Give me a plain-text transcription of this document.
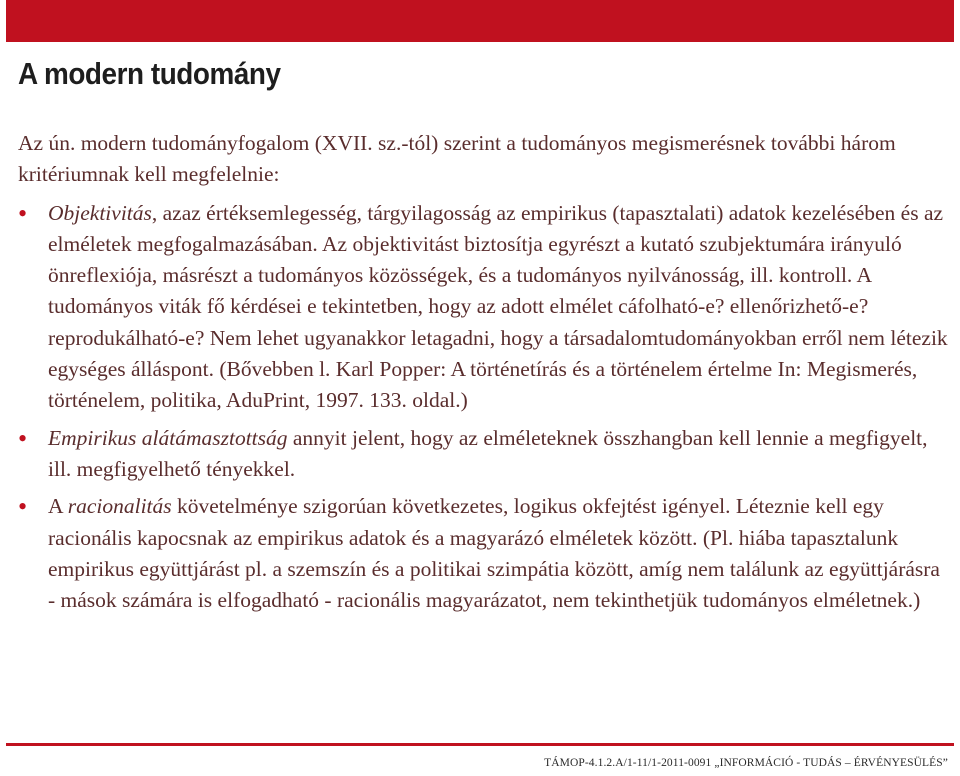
A modern tudomány

Az ún. modern tudományfogalom (XVII. sz.-tól) szerint a tudományos megismerésnek további három kritériumnak kell megfelelnie:

• Objektivitás, azaz értéksemlegesség, tárgyilagosság az empirikus (tapasztalati) adatok kezelésében és az elméletek megfogalmazásában. Az objektivitást biztosítja egyrészt a kutató szubjektumára irányuló önreflexiója, másrészt a tudományos közösségek, és a tudományos nyilvánosság, ill. kontroll. A tudományos viták fő kérdései e tekintetben, hogy az adott elmélet cáfolható-e? ellenőrizhető-e? reprodukálható-e? Nem lehet ugyanakkor letagadni, hogy a társadalomtudományokban erről nem létezik egységes álláspont. (Bővebben l. Karl Popper: A történetírás és a történelem értelme In: Megismerés, történelem, politika, AduPrint, 1997. 133. oldal.)
• Empirikus alátámasztottság annyit jelent, hogy az elméleteknek összhangban kell lennie a megfigyelt, ill. megfigyelhető tényekkel.
• A racionalitás követelménye szigorúan következetes, logikus okfejtést igényel. Léteznie kell egy racionális kapocsnak az empirikus adatok és a magyarázó elméletek között. (Pl. hiába tapasztalunk empirikus együttjárást pl. a szemszín és a politikai szimpátia között, amíg nem találunk az együttjárásra - mások számára is elfogadható - racionális magyarázatot, nem tekinthetjük tudományos elméletnek.)
TÁMOP-4.1.2.A/1-11/1-2011-0091 „INFORMÁCIÓ - TUDÁS – ÉRVÉNYESÜLÉS”
